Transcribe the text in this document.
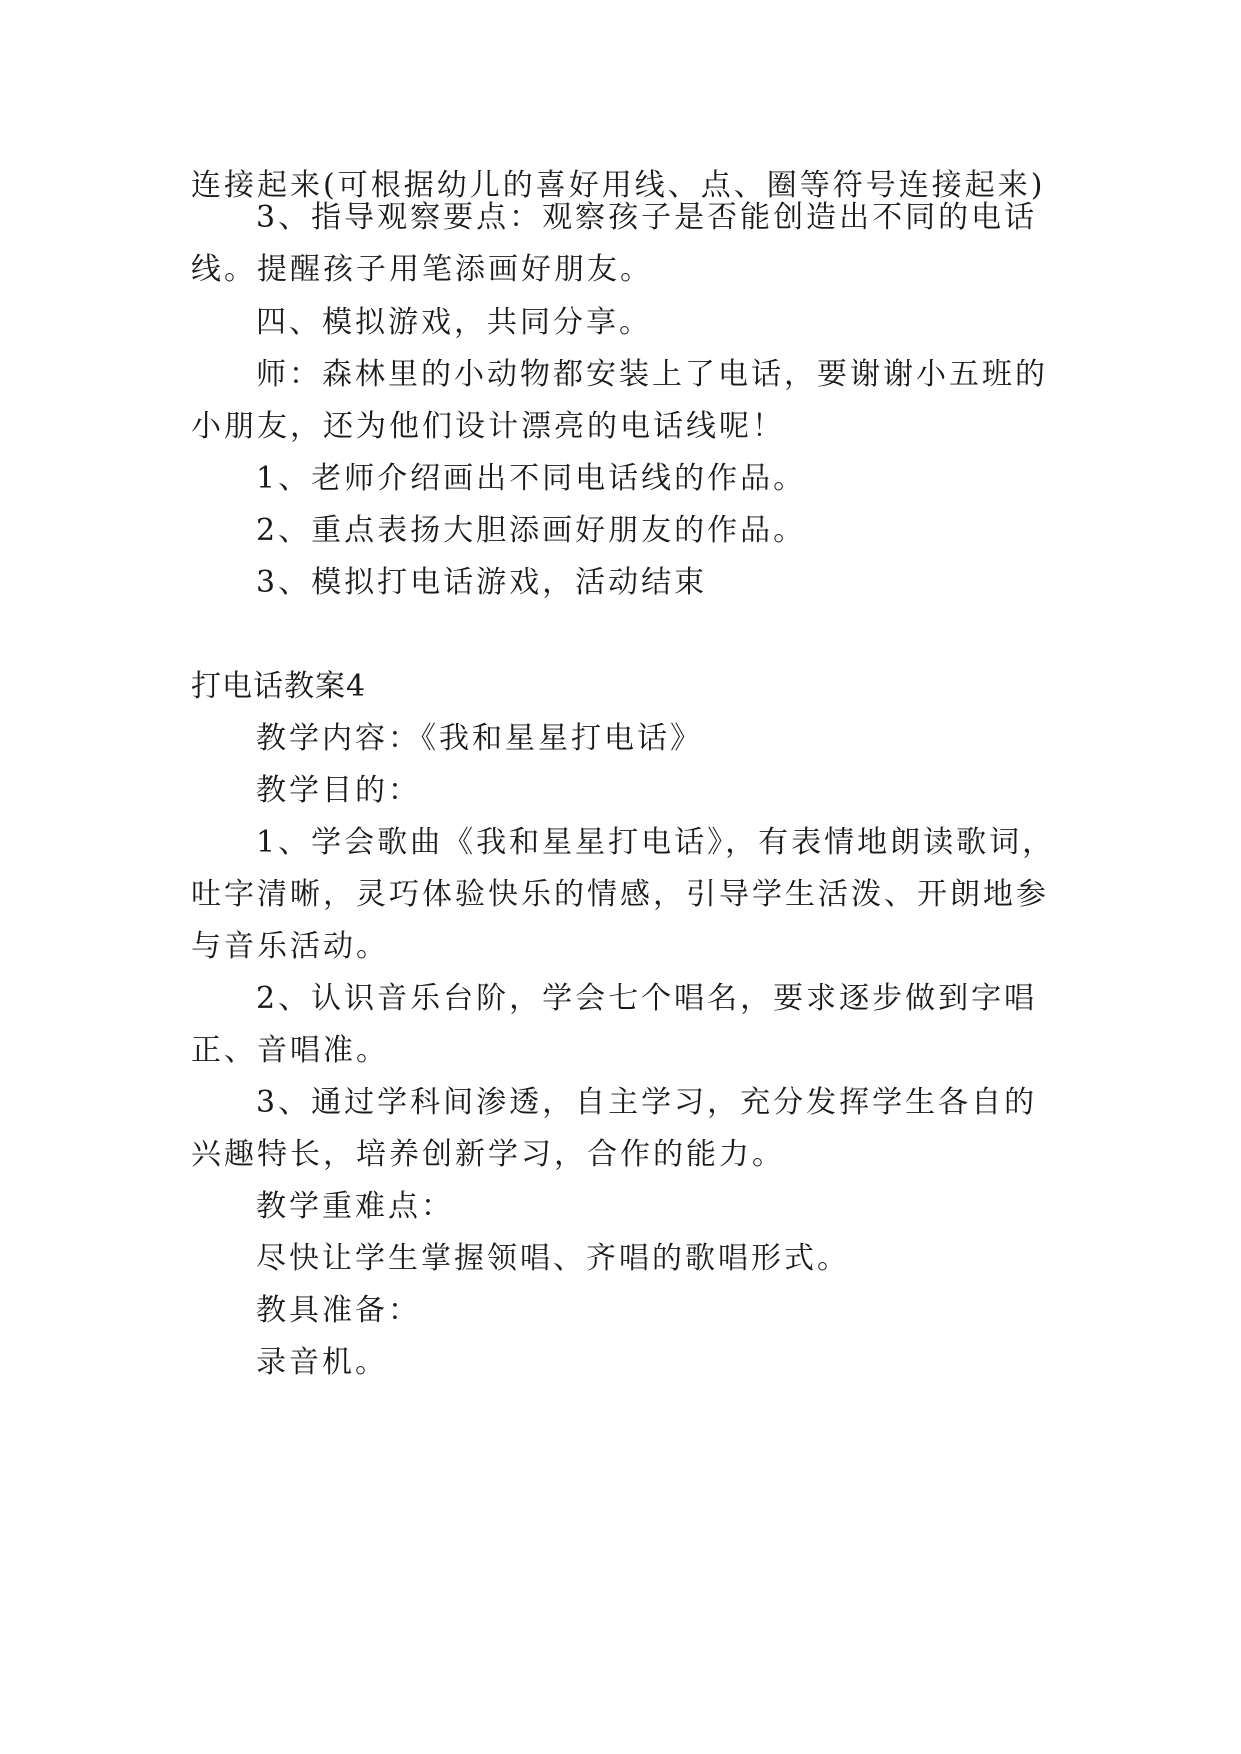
连接起来(可根据幼儿的喜好用线、点、圈等符号连接起来)
3、指导观察要点：观察孩子是否能创造出不同的电话
线。提醒孩子用笔添画好朋友。
四、模拟游戏，共同分享。
师：森林里的小动物都安装上了电话，要谢谢小五班的
小朋友，还为他们设计漂亮的电话线呢！
1、老师介绍画出不同电话线的作品。
2、重点表扬大胆添画好朋友的作品。
3、模拟打电话游戏，活动结束
打电话教案4
教学内容：《我和星星打电话》
教学目的：
1、学会歌曲《我和星星打电话》，有表情地朗读歌词，
吐字清晰，灵巧体验快乐的情感，引导学生活泼、开朗地参
与音乐活动。
2、认识音乐台阶，学会七个唱名，要求逐步做到字唱
正、音唱准。
3、通过学科间渗透，自主学习，充分发挥学生各自的
兴趣特长，培养创新学习，合作的能力。
教学重难点：
尽快让学生掌握领唱、齐唱的歌唱形式。
教具准备：
录音机。
